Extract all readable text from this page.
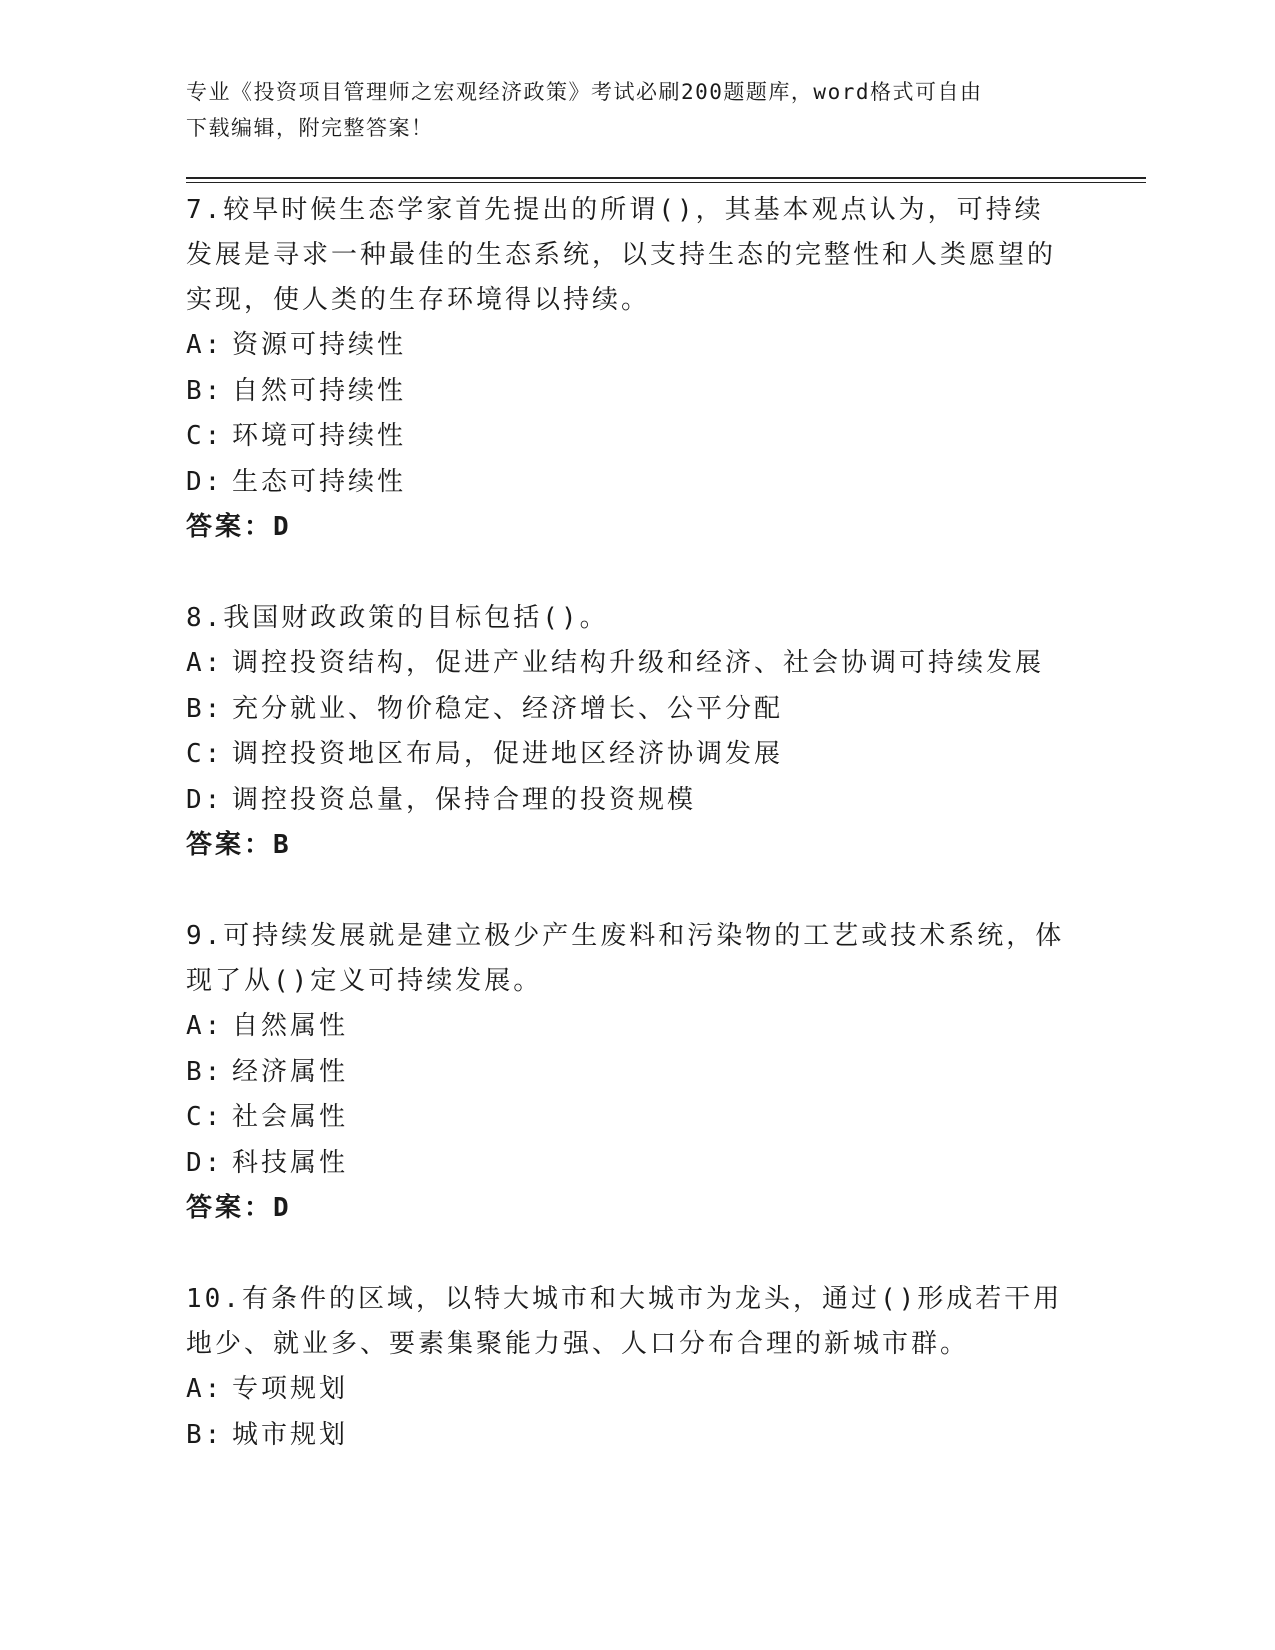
专业《投资项目管理师之宏观经济政策》考试必刷200题题库，word格式可自由
下载编辑，附完整答案！

7.较早时候生态学家首先提出的所谓()，其基本观点认为，可持续发展是寻求一种最佳的生态系统，以支持生态的完整性和人类愿望的实现，使人类的生存环境得以持续。

A: 资源可持续性

B: 自然可持续性

C: 环境可持续性

D: 生态可持续性

答案：D

8.我国财政政策的目标包括()。

A: 调控投资结构，促进产业结构升级和经济、社会协调可持续发展

B: 充分就业、物价稳定、经济增长、公平分配

C: 调控投资地区布局，促进地区经济协调发展

D: 调控投资总量，保持合理的投资规模

答案：B

9.可持续发展就是建立极少产生废料和污染物的工艺或技术系统，体现了从()定义可持续发展。

A: 自然属性

B: 经济属性

C: 社会属性

D: 科技属性

答案：D

10.有条件的区域，以特大城市和大城市为龙头，通过()形成若干用地少、就业多、要素集聚能力强、人口分布合理的新城市群。

A: 专项规划

B: 城市规划
